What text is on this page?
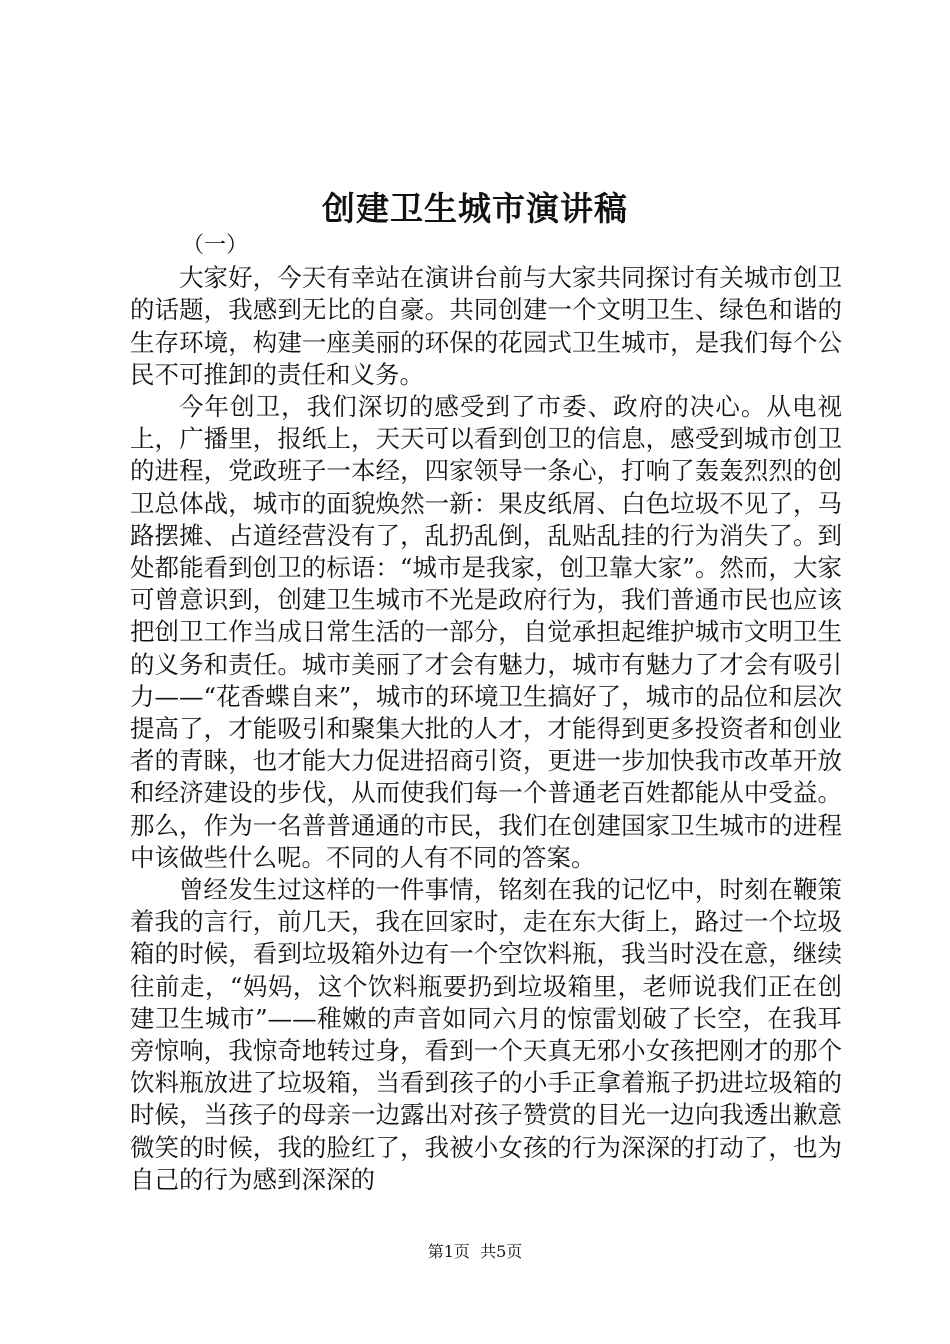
创建卫生城市演讲稿

（一）

大家好，今天有幸站在演讲台前与大家共同探讨有关城市创卫的话题，我感到无比的自豪。共同创建一个文明卫生、绿色和谐的生存环境，构建一座美丽的环保的花园式卫生城市，是我们每个公民不可推卸的责任和义务。

今年创卫，我们深切的感受到了市委、政府的决心。从电视上，广播里，报纸上，天天可以看到创卫的信息，感受到城市创卫的进程，党政班子一本经，四家领导一条心，打响了轰轰烈烈的创卫总体战，城市的面貌焕然一新：果皮纸屑、白色垃圾不见了，马路摆摊、占道经营没有了，乱扔乱倒，乱贴乱挂的行为消失了。到处都能看到创卫的标语：“城市是我家，创卫靠大家”。然而，大家可曾意识到，创建卫生城市不光是政府行为，我们普通市民也应该把创卫工作当成日常生活的一部分，自觉承担起维护城市文明卫生的义务和责任。城市美丽了才会有魅力，城市有魅力了才会有吸引力——“花香蝶自来”，城市的环境卫生搞好了，城市的品位和层次提高了，才能吸引和聚集大批的人才，才能得到更多投资者和创业者的青睐，也才能大力促进招商引资，更进一步加快我市改革开放和经济建设的步伐，从而使我们每一个普通老百姓都能从中受益。那么，作为一名普普通通的市民，我们在创建国家卫生城市的进程中该做些什么呢。不同的人有不同的答案。

曾经发生过这样的一件事情，铭刻在我的记忆中，时刻在鞭策着我的言行，前几天，我在回家时，走在东大街上，路过一个垃圾箱的时候，看到垃圾箱外边有一个空饮料瓶，我当时没在意，继续往前走，“妈妈，这个饮料瓶要扔到垃圾箱里，老师说我们正在创建卫生城市”——稚嫩的声音如同六月的惊雷划破了长空，在我耳旁惊响，我惊奇地转过身，看到一个天真无邪小女孩把刚才的那个饮料瓶放进了垃圾箱，当看到孩子的小手正拿着瓶子扔进垃圾箱的时候，当孩子的母亲一边露出对孩子赞赏的目光一边向我透出歉意微笑的时候，我的脸红了，我被小女孩的行为深深的打动了，也为自己的行为感到深深的

第1页 共5页
